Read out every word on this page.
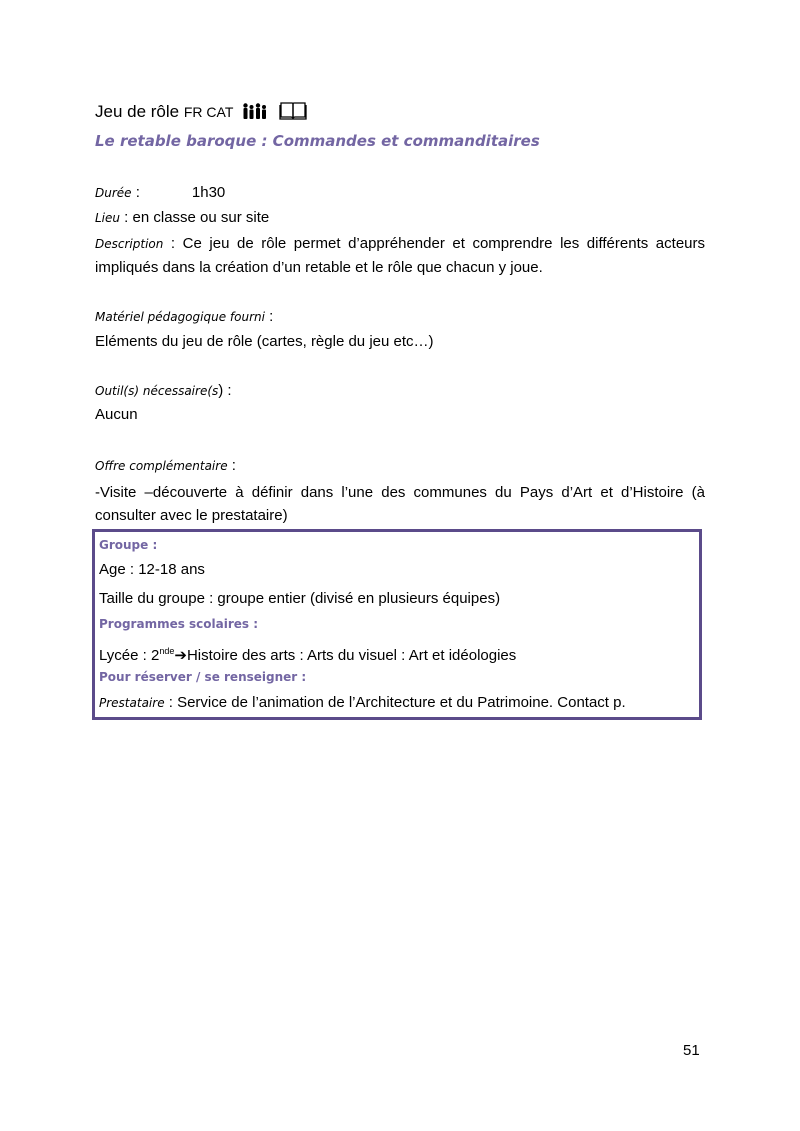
Jeu de rôle FR CAT
Le retable baroque : Commandes et commanditaires
Durée :	1h30
Lieu : en classe ou sur site
Description : Ce jeu de rôle permet d’appréhender et comprendre les différents acteurs impliqués dans la création d’un retable et le rôle que chacun y joue.
Matériel pédagogique fourni :
Eléments du jeu de rôle (cartes, règle du jeu etc…)
Outil(s) nécessaire(s) :
Aucun
Offre complémentaire :
-Visite –découverte à définir dans l’une des communes du Pays d’Art et d’Histoire (à consulter avec le prestataire)
Groupe :
Age : 12-18 ans
Taille du groupe : groupe entier (divisé en plusieurs équipes)
Programmes scolaires :
Lycée : 2nde➔Histoire des arts : Arts du visuel : Art et idéologies
Pour réserver / se renseigner :
Prestataire : Service de l’animation de l’Architecture et du Patrimoine. Contact p.
51
